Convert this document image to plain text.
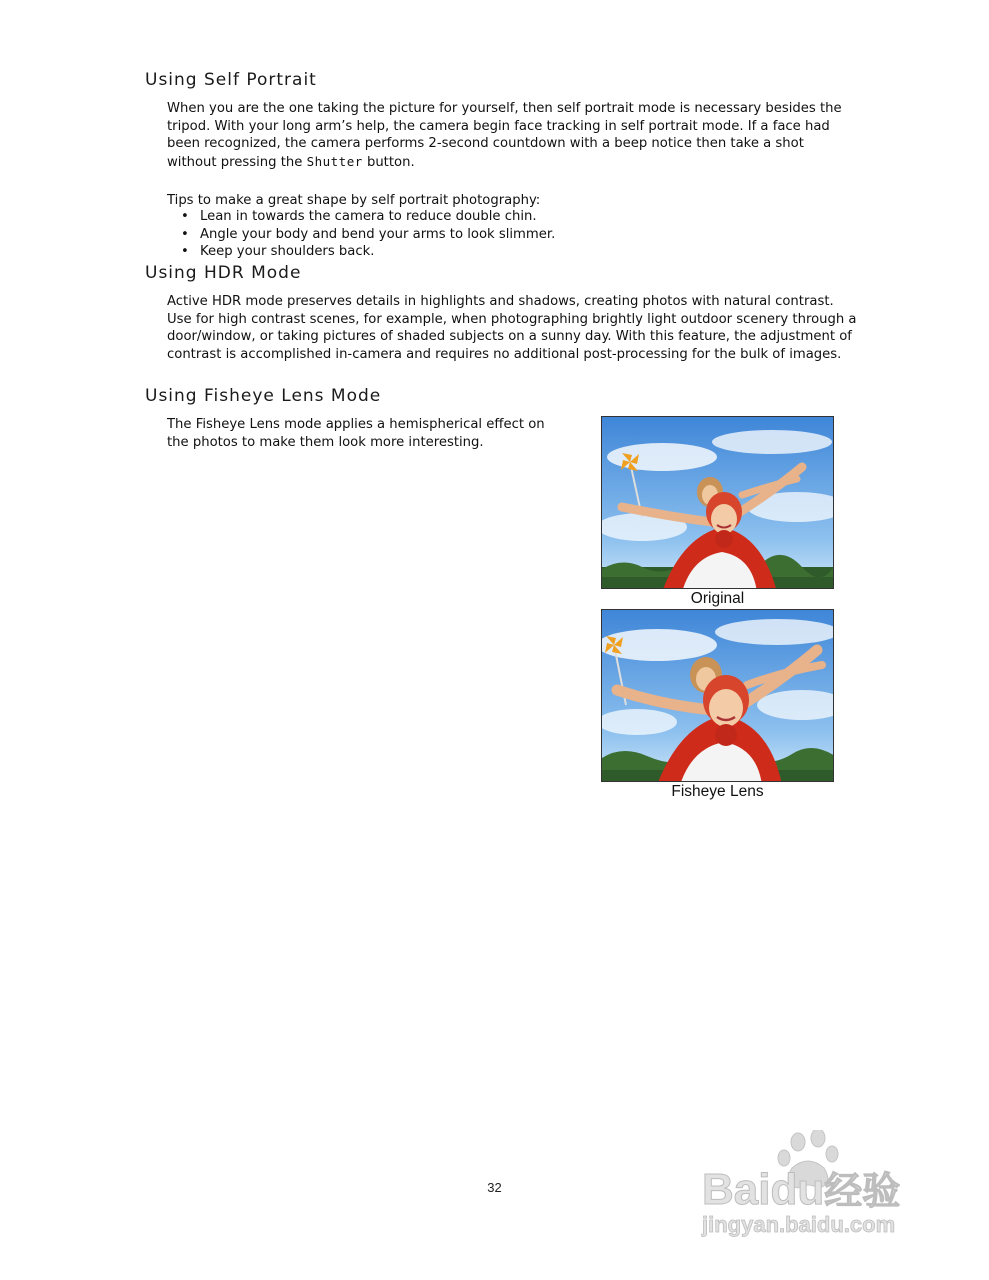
Using Self Portrait

When you are the one taking the picture for yourself, then self portrait mode is necessary besides the tripod. With your long arm’s help, the camera begin face tracking in self portrait mode. If a face had been recognized, the camera performs 2-second countdown with a beep notice then take a shot without pressing the Shutter button.

Tips to make a great shape by self portrait photography:

• Lean in towards the camera to reduce double chin.
• Angle your body and bend your arms to look slimmer.
• Keep your shoulders back.
Using HDR Mode

Active HDR mode preserves details in highlights and shadows, creating photos with natural contrast. Use for high contrast scenes, for example, when photographing brightly light outdoor scenery through a door/window, or taking pictures of shaded subjects on a sunny day. With this feature, the adjustment of contrast is accomplished in-camera and requires no additional post-processing for the bulk of images.

Using Fisheye Lens Mode

The Fisheye Lens mode applies a hemispherical effect on the photos to make them look more interesting.

Original
Fisheye Lens
32	Baidu经验
jingyan.baidu.com
